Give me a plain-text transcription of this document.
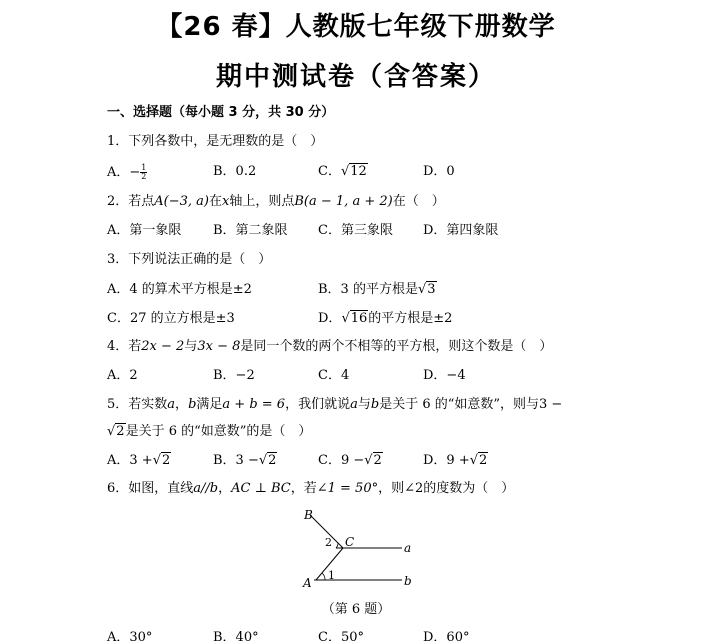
【26 春】人教版七年级下册数学
期中测试卷（含答案）
一、选择题（每小题 3 分，共 30 分）
1．下列各数中，是无理数的是（　）
A．− $\frac{1}{2}$	B．0.2	C．√12	D．0
2．若点A(−3, a)在x轴上，则点B(a − 1, a + 2)在（　）
A．第一象限 B．第二象限 C．第三象限 D．第四象限
3．下列说法正确的是（　）
A．4 的算术平方根是±2	B．3 的平方根是√3
C．27 的立方根是±3	D．√16的平方根是±2
4．若2x − 2与3x − 8是同一个数的两个不相等的平方根，则这个数是（　）
A．2	B．−2	C．4	D．−4
5．若实数a，b满足a + b = 6，我们就说a与b是关于 6 的“如意数”，则与3 −
√2是关于 6 的“如意数”的是（　）
A．3 +√2	B．3 −√2	C．9 −√2	D．9 +√2
6．如图，直线a//b，AC ⊥ BC，若∠1 = 50°，则∠2的度数为（　）
B
C
A
a
b
1
2
（第 6 题）
A．30°	B．40°	C．50°	D．60°
